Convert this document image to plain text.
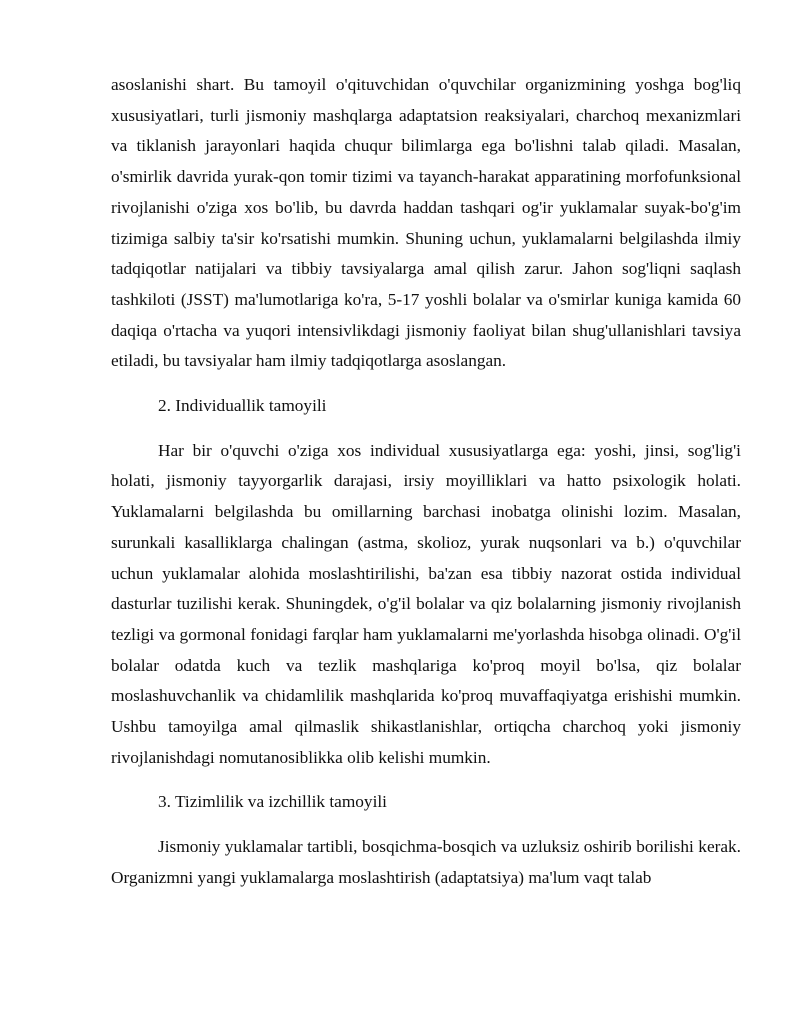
asoslanishi shart. Bu tamoyil o'qituvchidan o'quvchilar organizmining yoshga bog'liq xususiyatlari, turli jismoniy mashqlarga adaptatsion reaksiyalari, charchoq mexanizmlari va tiklanish jarayonlari haqida chuqur bilimlarga ega bo'lishni talab qiladi. Masalan, o'smirlik davrida yurak-qon tomir tizimi va tayanch-harakat apparatining morfofunksional rivojlanishi o'ziga xos bo'lib, bu davrda haddan tashqari og'ir yuklamalar suyak-bo'g'im tizimiga salbiy ta'sir ko'rsatishi mumkin. Shuning uchun, yuklamalarni belgilashda ilmiy tadqiqotlar natijalari va tibbiy tavsiyalarga amal qilish zarur. Jahon sog'liqni saqlash tashkiloti (JSST) ma'lumotlariga ko'ra, 5-17 yoshli bolalar va o'smirlar kuniga kamida 60 daqiqa o'rtacha va yuqori intensivlikdagi jismoniy faoliyat bilan shug'ullanishlari tavsiya etiladi, bu tavsiyalar ham ilmiy tadqiqotlarga asoslangan.

2. Individuallik tamoyili

Har bir o'quvchi o'ziga xos individual xususiyatlarga ega: yoshi, jinsi, sog'lig'i holati, jismoniy tayyorgarlik darajasi, irsiy moyilliklari va hatto psixologik holati. Yuklamalarni belgilashda bu omillarning barchasi inobatga olinishi lozim. Masalan, surunkali kasalliklarga chalingan (astma, skolioz, yurak nuqsonlari va b.) o'quvchilar uchun yuklamalar alohida moslashtirilishi, ba'zan esa tibbiy nazorat ostida individual dasturlar tuzilishi kerak. Shuningdek, o'g'il bolalar va qiz bolalarning jismoniy rivojlanish tezligi va gormonal fonidagi farqlar ham yuklamalarni me'yorlashda hisobga olinadi. O'g'il bolalar odatda kuch va tezlik mashqlariga ko'proq moyil bo'lsa, qiz bolalar moslashuvchanlik va chidamlilik mashqlarida ko'proq muvaffaqiyatga erishishi mumkin. Ushbu tamoyilga amal qilmaslik shikastlanishlar, ortiqcha charchoq yoki jismoniy rivojlanishdagi nomutanosiblikka olib kelishi mumkin.

3. Tizimlilik va izchillik tamoyili

Jismoniy yuklamalar tartibli, bosqichma-bosqich va uzluksiz oshirib borilishi kerak. Organizmni yangi yuklamalarga moslashtirish (adaptatsiya) ma'lum vaqt talab
